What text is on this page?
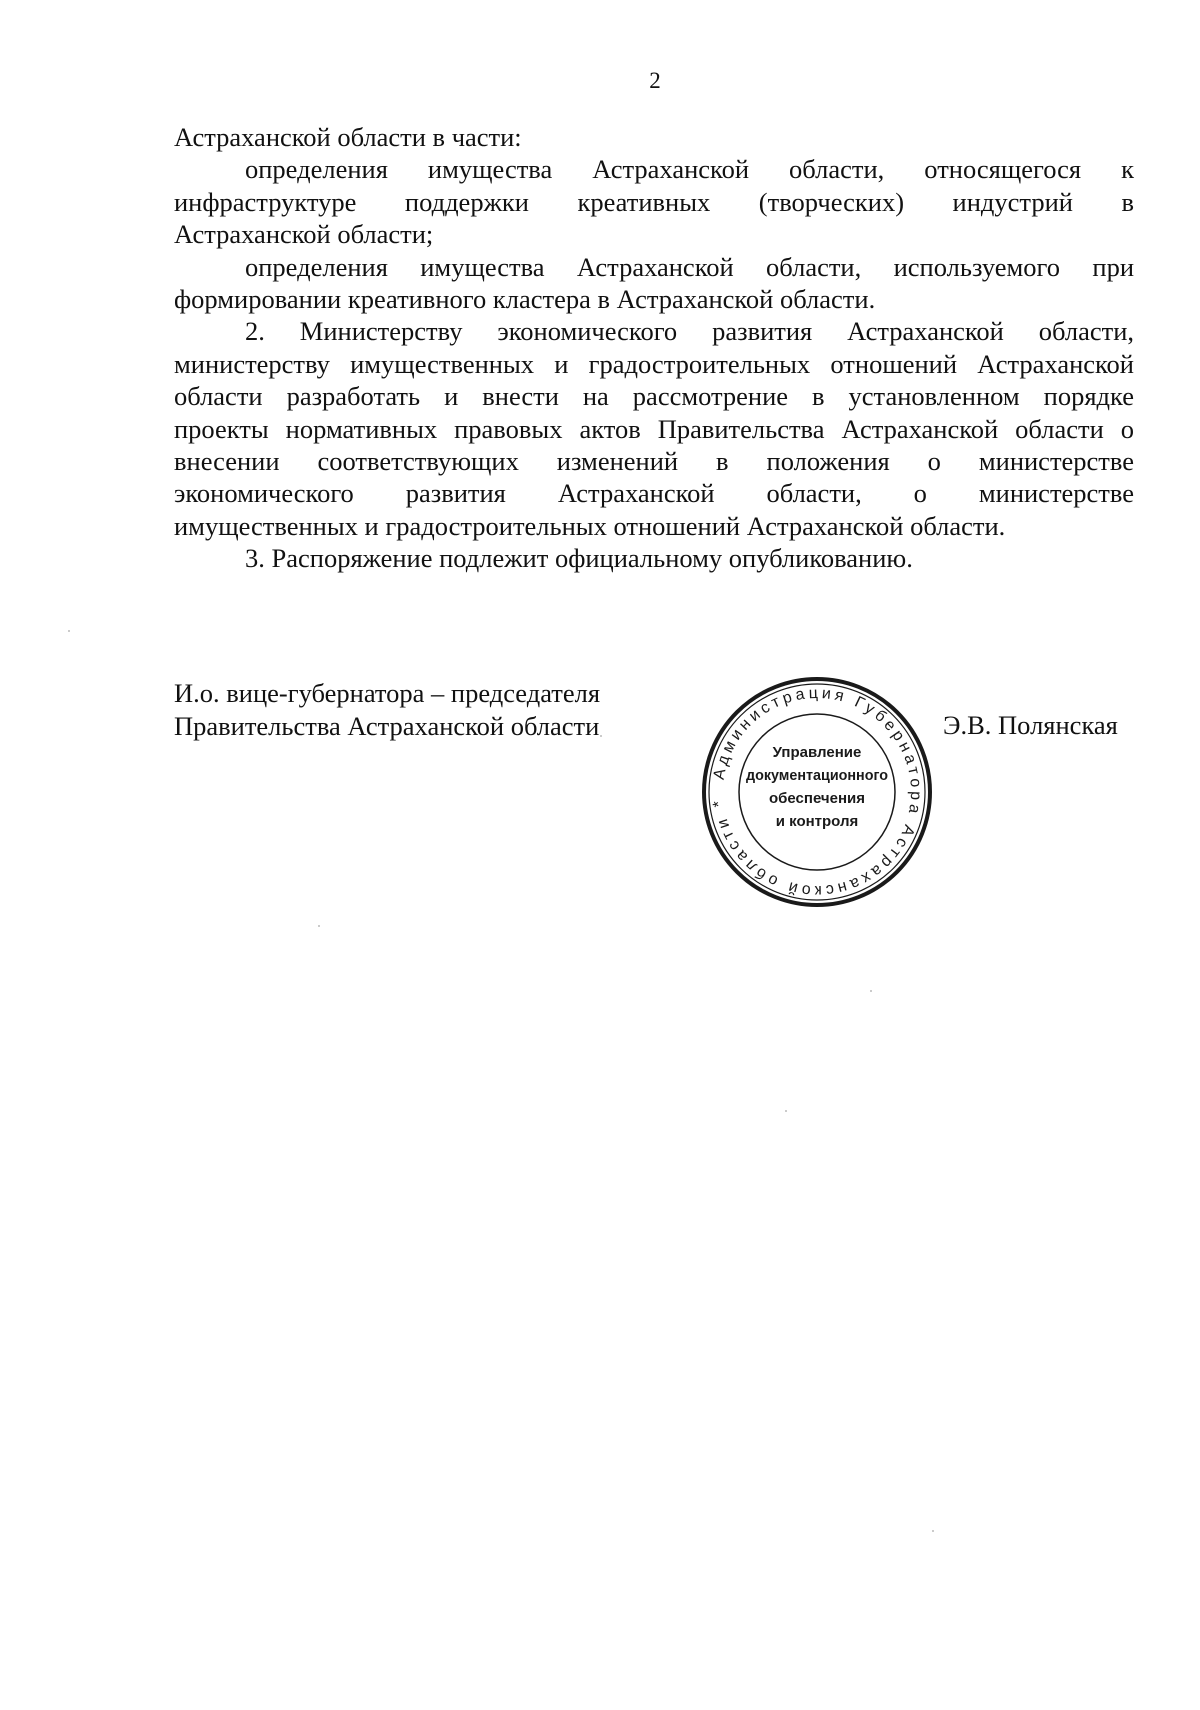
2
Астраханской области в части:
определения имущества Астраханской области, относящегося к
инфраструктуре поддержки креативных (творческих) индустрий в
Астраханской области;
определения имущества Астраханской области, используемого при
формировании креативного кластера в Астраханской области.
2. Министерству экономического развития Астраханской области,
министерству имущественных и градостроительных отношений Астраханской
области разработать и внести на рассмотрение в установленном порядке
проекты нормативных правовых актов Правительства Астраханской области о
внесении соответствующих изменений в положения о министерстве
экономического развития Астраханской области, о министерстве
имущественных и градостроительных отношений Астраханской области.
3. Распоряжение подлежит официальному опубликованию.
И.о. вице-губернатора – председателя
Правительства Астраханской области
Администрация Губернатора Астраханской области *
Управление
документационного
обеспечения
и контроля
Э.В. Полянская
